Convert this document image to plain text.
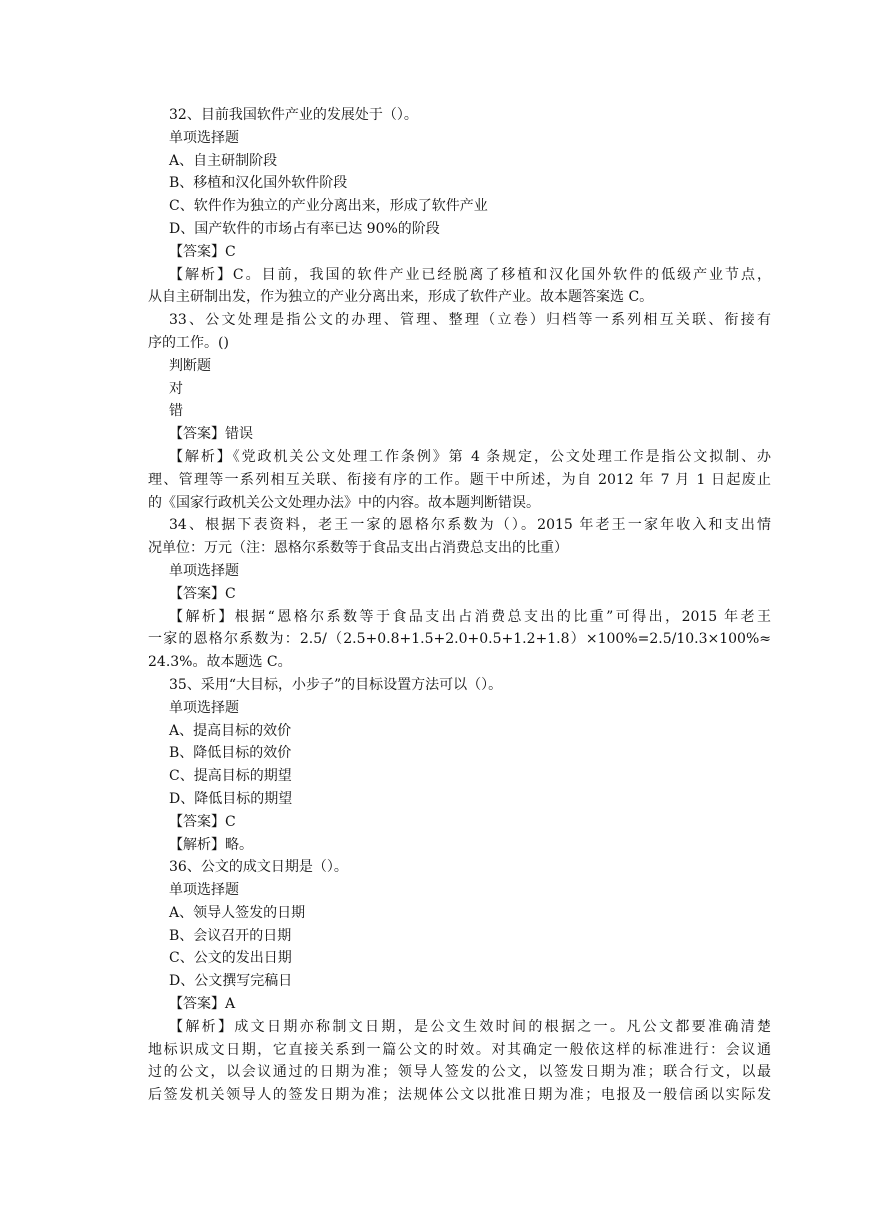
32、目前我国软件产业的发展处于（）。
单项选择题
A、自主研制阶段
B、移植和汉化国外软件阶段
C、软件作为独立的产业分离出来，形成了软件产业
D、国产软件的市场占有率已达 90%的阶段
【答案】C
【解析】C。目前，我国的软件产业已经脱离了移植和汉化国外软件的低级产业节点，
从自主研制出发，作为独立的产业分离出来，形成了软件产业。故本题答案选 C。
33、公文处理是指公文的办理、管理、整理（立卷）归档等一系列相互关联、衔接有
序的工作。()
判断题
对
错
【答案】错误
【解析】《党政机关公文处理工作条例》第 4 条规定，公文处理工作是指公文拟制、办
理、管理等一系列相互关联、衔接有序的工作。题干中所述，为自 2012 年 7 月 1 日起废止
的《国家行政机关公文处理办法》中的内容。故本题判断错误。
34、根据下表资料，老王一家的恩格尔系数为（）。2015 年老王一家年收入和支出情
况单位：万元（注：恩格尔系数等于食品支出占消费总支出的比重）
单项选择题
【答案】C
【解析】根据“恩格尔系数等于食品支出占消费总支出的比重”可得出，2015 年老王
一家的恩格尔系数为：2.5/（2.5+0.8+1.5+2.0+0.5+1.2+1.8）×100%=2.5/10.3×100%≈
24.3%。故本题选 C。
35、采用“大目标，小步子”的目标设置方法可以（）。
单项选择题
A、提高目标的效价
B、降低目标的效价
C、提高目标的期望
D、降低目标的期望
【答案】C
【解析】略。
36、公文的成文日期是（）。
单项选择题
A、领导人签发的日期
B、会议召开的日期
C、公文的发出日期
D、公文撰写完稿日
【答案】A
【解析】成文日期亦称制文日期，是公文生效时间的根据之一。凡公文都要准确清楚
地标识成文日期，它直接关系到一篇公文的时效。对其确定一般依这样的标准进行：会议通
过的公文，以会议通过的日期为准；领导人签发的公文，以签发日期为准；联合行文，以最
后签发机关领导人的签发日期为准；法规体公文以批准日期为准；电报及一般信函以实际发
